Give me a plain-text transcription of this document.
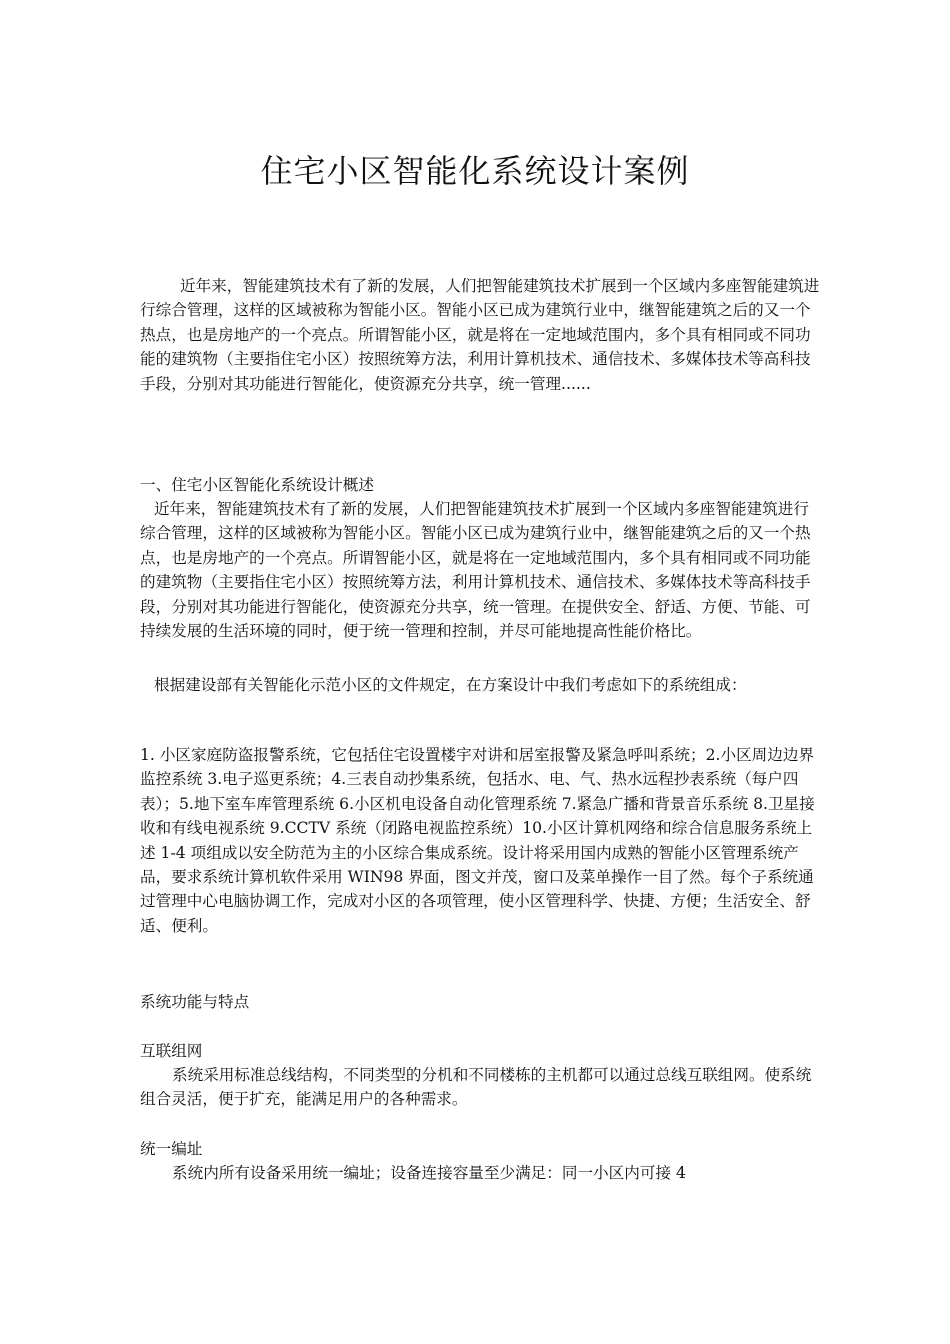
住宅小区智能化系统设计案例

近年来，智能建筑技术有了新的发展，人们把智能建筑技术扩展到一个区域内多座智能建筑进行综合管理，这样的区域被称为智能小区。智能小区已成为建筑行业中，继智能建筑之后的又一个热点，也是房地产的一个亮点。所谓智能小区，就是将在一定地域范围内，多个具有相同或不同功能的建筑物（主要指住宅小区）按照统筹方法，利用计算机技术、通信技术、多媒体技术等高科技手段，分别对其功能进行智能化，使资源充分共享，统一管理......

一、住宅小区智能化系统设计概述

近年来，智能建筑技术有了新的发展，人们把智能建筑技术扩展到一个区域内多座智能建筑进行综合管理，这样的区域被称为智能小区。智能小区已成为建筑行业中，继智能建筑之后的又一个热点，也是房地产的一个亮点。所谓智能小区，就是将在一定地域范围内，多个具有相同或不同功能的建筑物（主要指住宅小区）按照统筹方法，利用计算机技术、通信技术、多媒体技术等高科技手段，分别对其功能进行智能化，使资源充分共享，统一管理。在提供安全、舒适、方便、节能、可持续发展的生活环境的同时，便于统一管理和控制，并尽可能地提高性能价格比。

根据建设部有关智能化示范小区的文件规定，在方案设计中我们考虑如下的系统组成：

1. 小区家庭防盗报警系统，它包括住宅设置楼宇对讲和居室报警及紧急呼叫系统；2.小区周边边界监控系统 3.电子巡更系统；4.三表自动抄集系统，包括水、电、气、热水远程抄表系统（每户四表）；5.地下室车库管理系统 6.小区机电设备自动化管理系统 7.紧急广播和背景音乐系统 8.卫星接收和有线电视系统 9.CCTV 系统（闭路电视监控系统）10.小区计算机网络和综合信息服务系统上述 1-4 项组成以安全防范为主的小区综合集成系统。设计将采用国内成熟的智能小区管理系统产品，要求系统计算机软件采用 WIN98 界面，图文并茂，窗口及菜单操作一目了然。每个子系统通过管理中心电脑协调工作，完成对小区的各项管理，使小区管理科学、快捷、方便；生活安全、舒适、便利。

系统功能与特点

互联组网

系统采用标准总线结构，不同类型的分机和不同楼栋的主机都可以通过总线互联组网。使系统组合灵活，便于扩充，能满足用户的各种需求。

统一编址

系统内所有设备采用统一编址；设备连接容量至少满足：同一小区内可接 4
